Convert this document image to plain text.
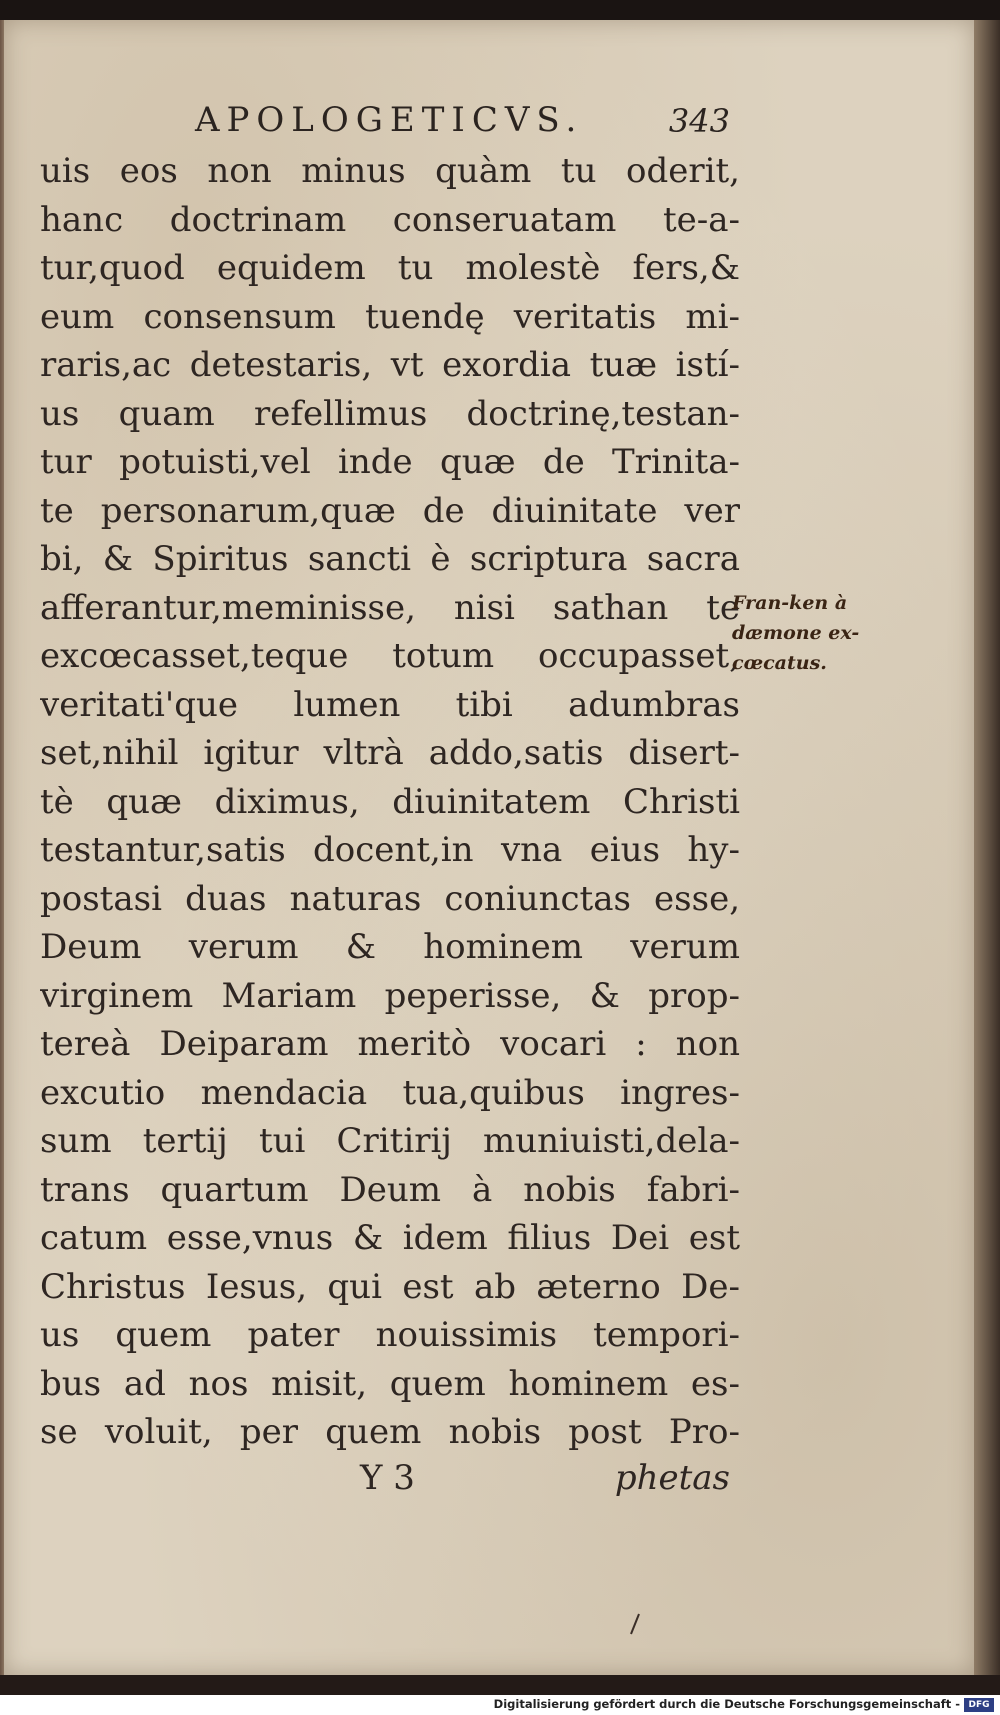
APOLOGETICVS.	343
uis eos non minus quàm tu oderit,
hanc doctrinam conseruatam te-a-
tur,quod equidem tu molestè fers,&
eum consensum tuendę veritatis mi-
raris,ac detestaris, vt exordia tuæ istí-
us quam refellimus doctrinę,testan-
tur potuisti,vel inde quæ de Trinita-
te personarum,quæ de diuinitate ver
bi, & Spiritus sancti è scriptura sacra
afferantur,meminisse, nisi sathan te
excœcasset,teque totum occupasset,
veritati'que lumen tibi adumbras
set,nihil igitur vltrà addo,satis disert-
tè quæ diximus, diuinitatem Christi
testantur,satis docent,in vna eius hy-
postasi duas naturas coniunctas esse,
Deum verum & hominem verum
virginem Mariam peperisse, & prop-
tereà Deiparam meritò vocari : non
excutio mendacia tua,quibus ingres-
sum tertij tui Critirij muniuisti,dela-
trans quartum Deum à nobis fabri-
catum esse,vnus & idem filius Dei est
Christus Iesus, qui est ab æterno De-
us quem pater nouissimis tempori-
bus ad nos misit, quem hominem es-
se voluit, per quem nobis post Pro-
Fran-ken à
dæmone ex-
cœcatus.
Y 3	phetas
Digitalisierung gefördert durch die Deutsche Forschungsgemeinschaft - DFG
